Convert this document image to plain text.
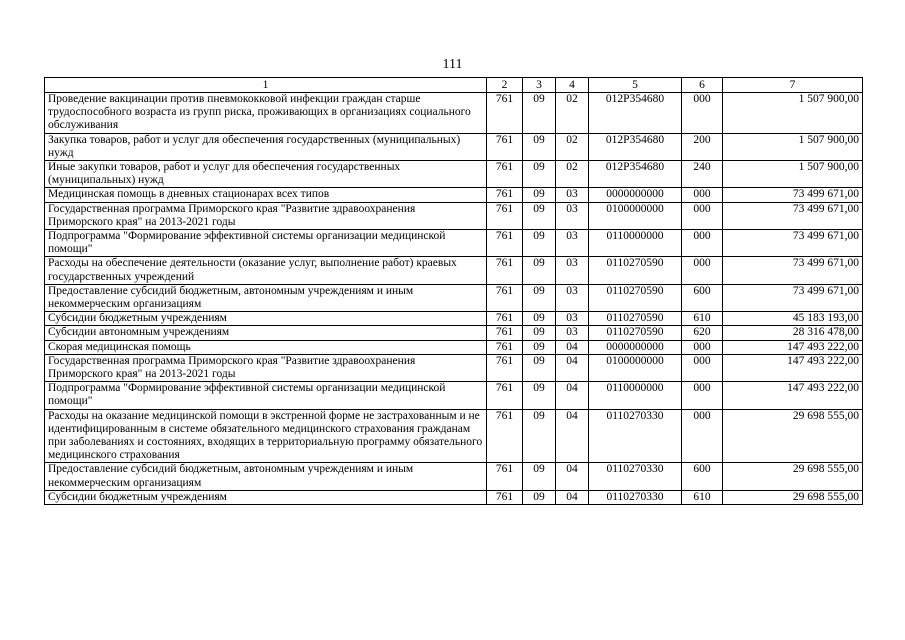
111
1	2	3	4	5	6	7
Проведение вакцинации против пневмококковой инфекции граждан старше трудоспособного возраста из групп риска, проживающих в организациях социального обслуживания	761	09	02	012P354680	000	1 507 900,00
Закупка товаров, работ и услуг для обеспечения государственных (муниципальных) нужд	761	09	02	012P354680	200	1 507 900,00
Иные закупки товаров, работ и услуг для обеспечения государственных (муниципальных) нужд	761	09	02	012P354680	240	1 507 900,00
Медицинская помощь в дневных стационарах всех типов	761	09	03	0000000000	000	73 499 671,00
Государственная программа Приморского края "Развитие здравоохранения Приморского края" на 2013-2021 годы	761	09	03	0100000000	000	73 499 671,00
Подпрограмма "Формирование эффективной системы организации медицинской помощи"	761	09	03	0110000000	000	73 499 671,00
Расходы на обеспечение деятельности (оказание услуг, выполнение работ) краевых государственных учреждений	761	09	03	0110270590	000	73 499 671,00
Предоставление субсидий бюджетным, автономным учреждениям и иным некоммерческим организациям	761	09	03	0110270590	600	73 499 671,00
Субсидии бюджетным учреждениям	761	09	03	0110270590	610	45 183 193,00
Субсидии автономным учреждениям	761	09	03	0110270590	620	28 316 478,00
Скорая медицинская помощь	761	09	04	0000000000	000	147 493 222,00
Государственная программа Приморского края "Развитие здравоохранения Приморского края" на 2013-2021 годы	761	09	04	0100000000	000	147 493 222,00
Подпрограмма "Формирование эффективной системы организации медицинской помощи"	761	09	04	0110000000	000	147 493 222,00
Расходы на оказание медицинской помощи в экстренной форме не застрахованным и не идентифицированным в системе обязательного медицинского страхования гражданам при заболеваниях и состояниях, входящих в территориальную программу обязательного медицинского страхования	761	09	04	0110270330	000	29 698 555,00
Предоставление субсидий бюджетным, автономным учреждениям и иным некоммерческим организациям	761	09	04	0110270330	600	29 698 555,00
Субсидии бюджетным учреждениям	761	09	04	0110270330	610	29 698 555,00
